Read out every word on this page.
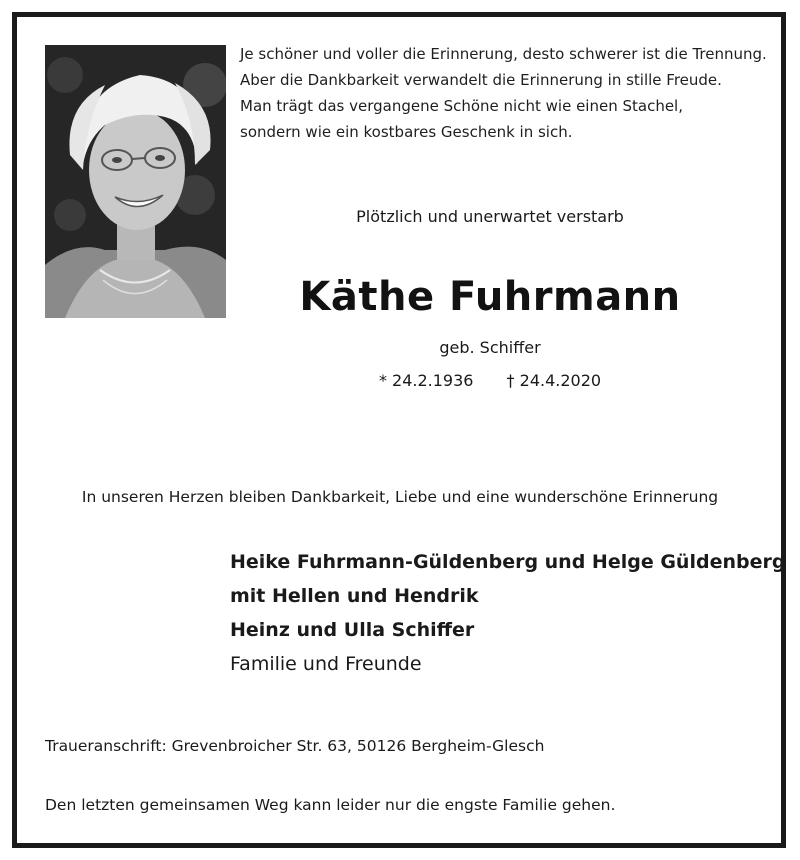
Je schöner und voller die Erinnerung, desto schwerer ist die Trennung.
Aber die Dankbarkeit verwandelt die Erinnerung in stille Freude.
Man trägt das vergangene Schöne nicht wie einen Stachel,
sondern wie ein kostbares Geschenk in sich.
Plötzlich und unerwartet verstarb
Käthe Fuhrmann
geb. Schiffer
* 24.2.1936 † 24.4.2020
In unseren Herzen bleiben Dankbarkeit, Liebe und eine wunderschöne Erinnerung
Heike Fuhrmann-Güldenberg und Helge Güldenberg
mit Hellen und Hendrik
Heinz und Ulla Schiffer
Familie und Freunde
Traueranschrift: Grevenbroicher Str. 63, 50126 Bergheim-Glesch
Den letzten gemeinsamen Weg kann leider nur die engste Familie gehen.
